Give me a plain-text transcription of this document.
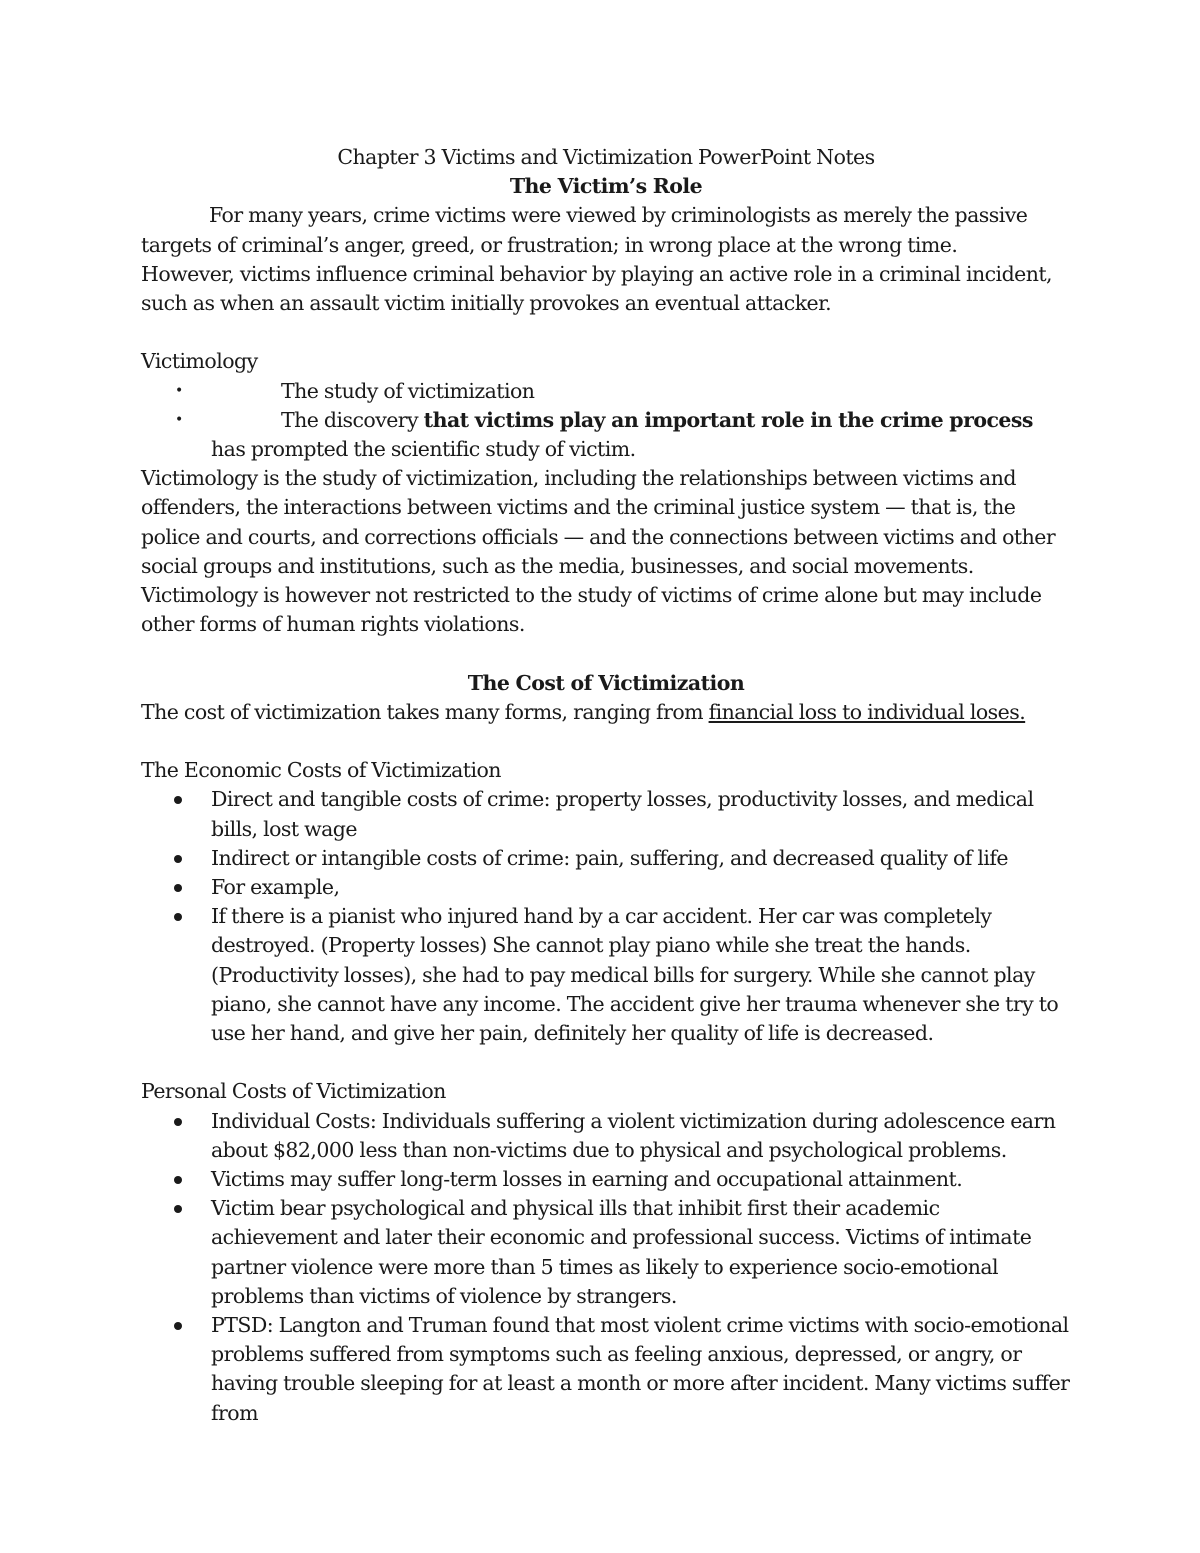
Chapter 3 Victims and Victimization PowerPoint Notes

The Victim’s Role

For many years, crime victims were viewed by criminologists as merely the passive targets of criminal’s anger, greed, or frustration; in wrong place at the wrong time.

However, victims influence criminal behavior by playing an active role in a criminal incident, such as when an assault victim initially provokes an eventual attacker.

Victimology

•	The study of victimization
•	The discovery that victims play an important role in the crime process has prompted the scientific study of victim.

Victimology is the study of victimization, including the relationships between victims and offenders, the interactions between victims and the criminal justice system — that is, the police and courts, and corrections officials — and the connections between victims and other social groups and institutions, such as the media, businesses, and social movements. Victimology is however not restricted to the study of victims of crime alone but may include other forms of human rights violations.

The Cost of Victimization

The cost of victimization takes many forms, ranging from financial loss to individual loses.

The Economic Costs of Victimization

Direct and tangible costs of crime: property losses, productivity losses, and medical bills, lost wage
Indirect or intangible costs of crime: pain, suffering, and decreased quality of life
For example,
If there is a pianist who injured hand by a car accident. Her car was completely destroyed. (Property losses) She cannot play piano while she treat the hands. (Productivity losses), she had to pay medical bills for surgery. While she cannot play piano, she cannot have any income. The accident give her trauma whenever she try to use her hand, and give her pain, definitely her quality of life is decreased.

Personal Costs of Victimization

Individual Costs: Individuals suffering a violent victimization during adolescence earn about $82,000 less than non-victims due to physical and psychological problems.
Victims may suffer long-term losses in earning and occupational attainment.
Victim bear psychological and physical ills that inhibit first their academic achievement and later their economic and professional success. Victims of intimate partner violence were more than 5 times as likely to experience socio-emotional problems than victims of violence by strangers.
PTSD: Langton and Truman found that most violent crime victims with socio-emotional problems suffered from symptoms such as feeling anxious, depressed, or angry, or having trouble sleeping for at least a month or more after incident. Many victims suffer from
